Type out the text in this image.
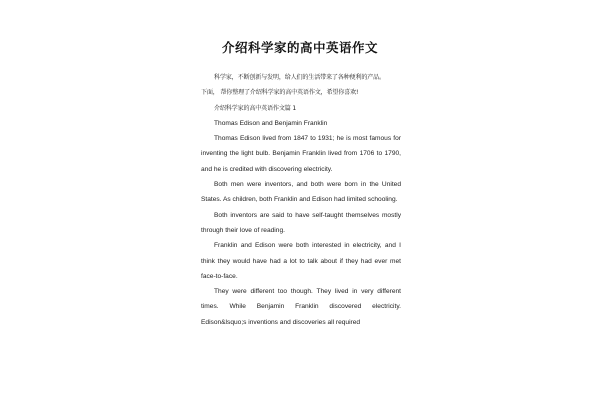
介绍科学家的高中英语作文

科学家，不断创新与发明，给人们的生活带来了各种便利的产品。

下面， 帮你整理了介绍科学家的高中英语作文，希望你喜欢!

介绍科学家的高中英语作文篇 1

Thomas Edison and Benjamin Franklin

Thomas Edison lived from 1847 to 1931; he is most famous for inventing the light bulb. Benjamin Franklin lived from 1706 to 1790, and he is credited with discovering electricity.

Both men were inventors, and both were born in the United States. As children, both Franklin and Edison had limited schooling.

Both inventors are said to have self-taught themselves mostly through their love of reading.

Franklin and Edison were both interested in electricity, and I think they would have had a lot to talk about if they had ever met face-to-face.

They were different too though. They lived in very different times. While Benjamin Franklin discovered electricity. Edison&lsquo;s inventions and discoveries all required
